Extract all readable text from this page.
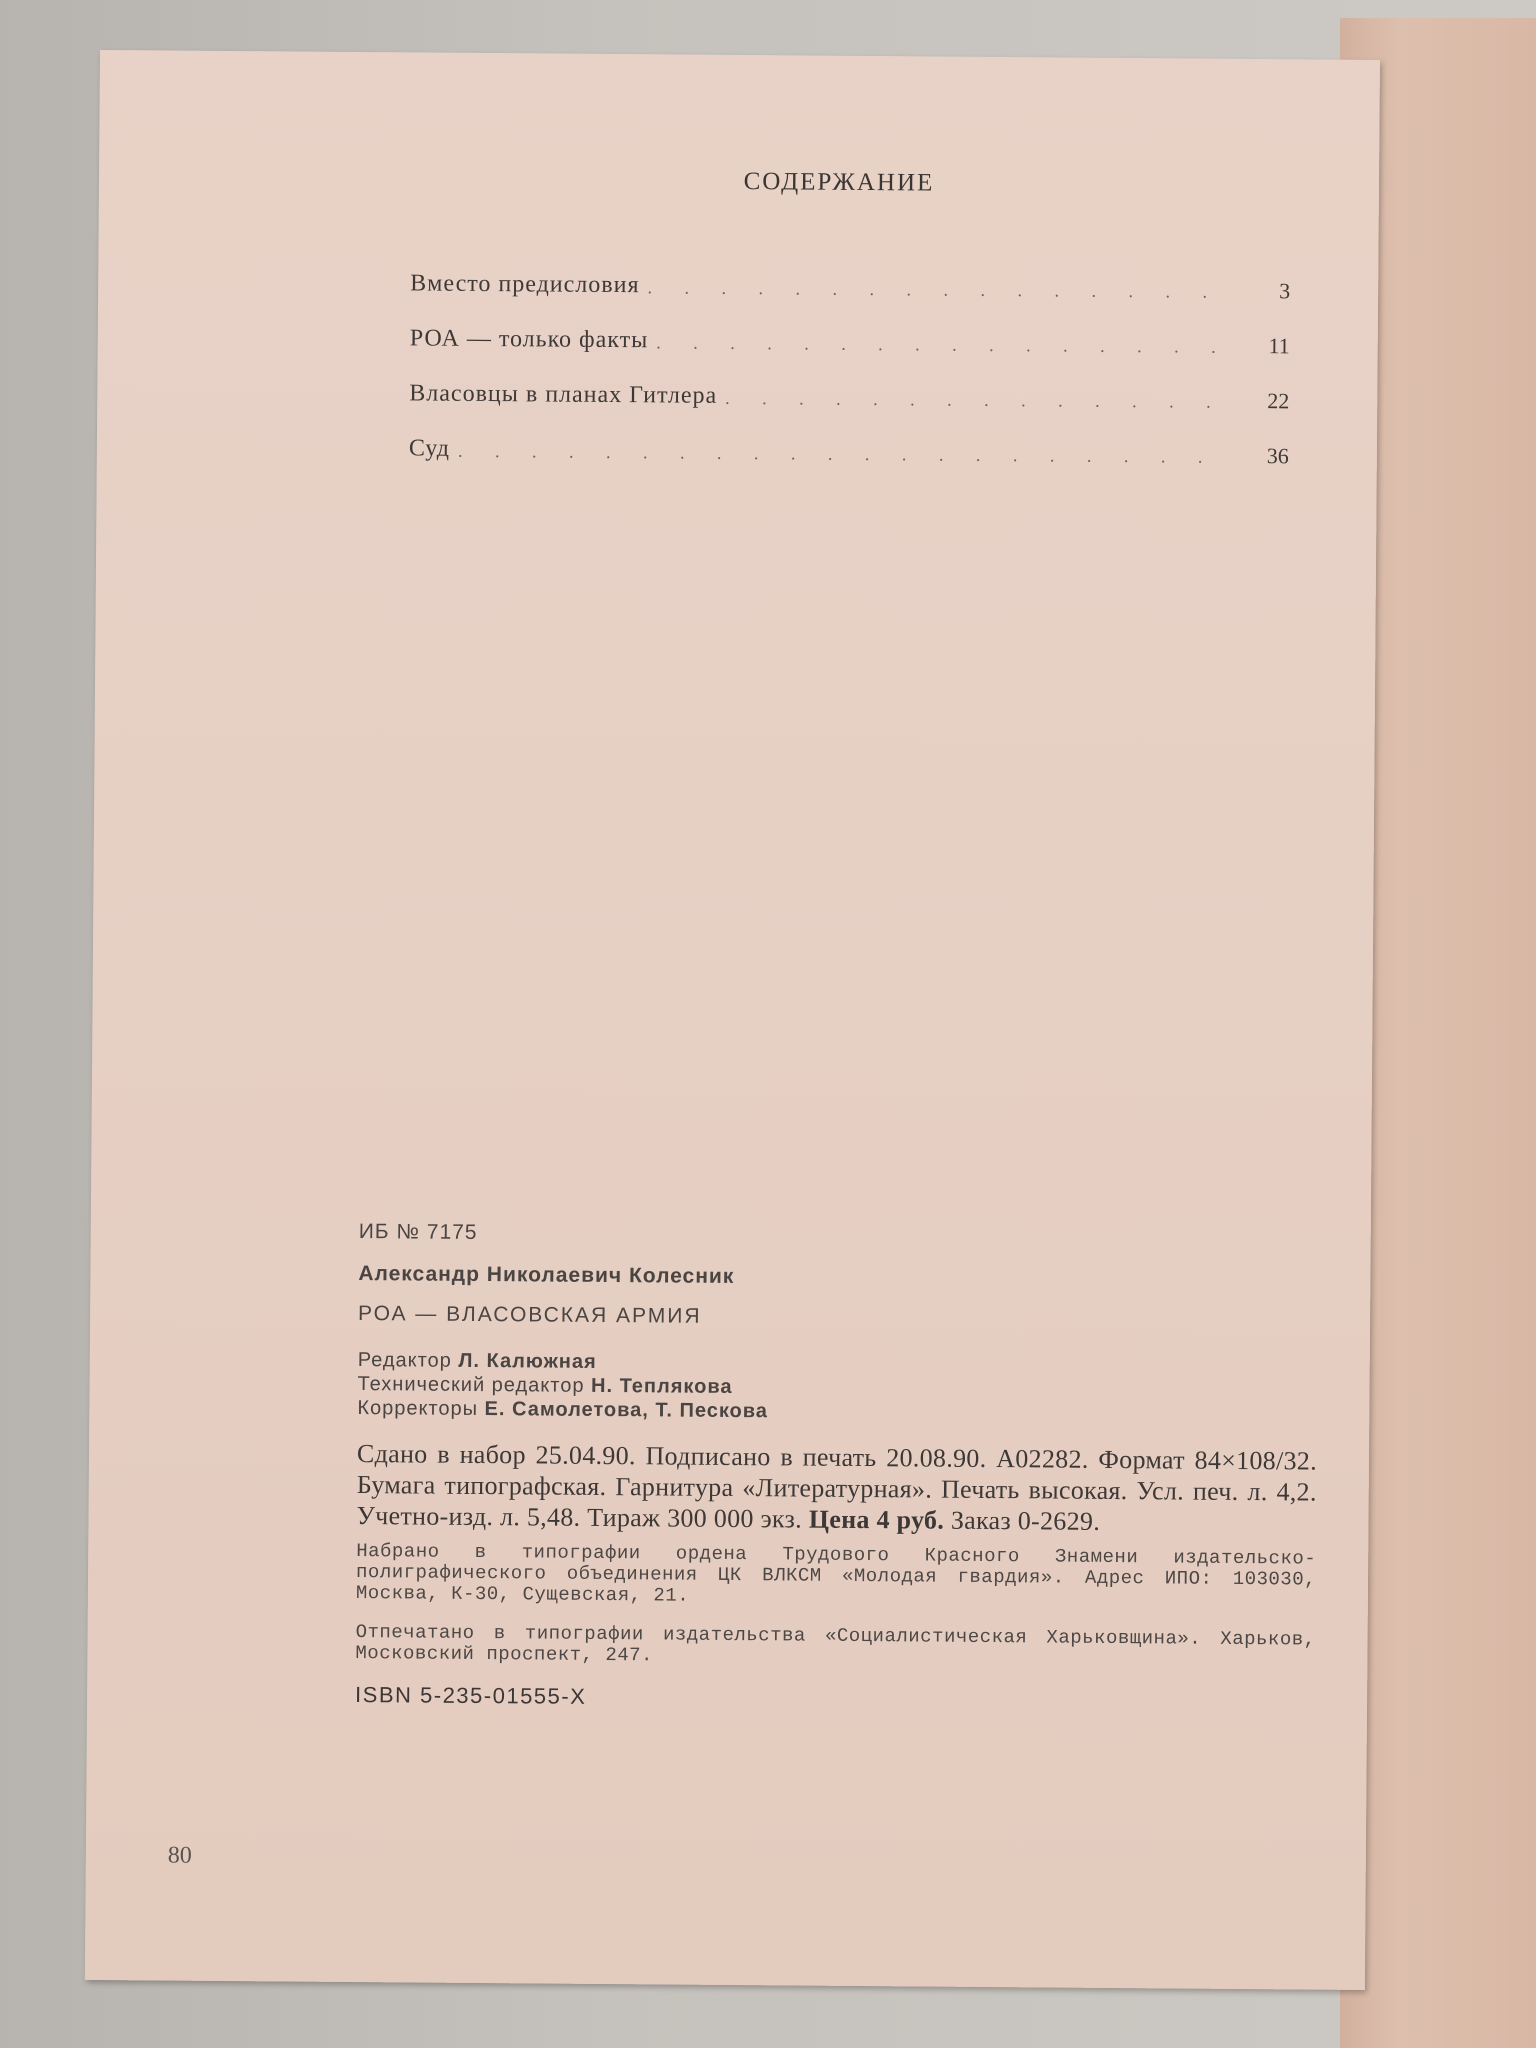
СОДЕРЖАНИЕ
Вместо предисловия . . .	3
РОА — только факты . . .	11
Власовцы в планах Гитлера . . .	22
Суд . . .	36
ИБ № 7175
Александр Николаевич Колесник
РОА — ВЛАСОВСКАЯ АРМИЯ
Редактор Л. Калюжная
Технический редактор Н. Теплякова
Корректоры Е. Самолетова, Т. Пескова
Сдано в набор 25.04.90. Подписано в печать 20.08.90. А02282. Формат 84×108/32. Бумага типографская. Гарнитура «Литературная». Печать высокая. Усл. печ. л. 4,2. Учетно-изд. л. 5,48. Тираж 300 000 экз. Цена 4 руб. Заказ 0-2629.
Набрано в типографии ордена Трудового Красного Знамени издательско-полиграфического объединения ЦК ВЛКСМ «Молодая гвардия». Адрес ИПО: 103030, Москва, К-30, Сущевская, 21.
Отпечатано в типографии издательства «Социалистическая Харьковщина». Харьков, Московский проспект, 247.
ISBN 5-235-01555-X
80
